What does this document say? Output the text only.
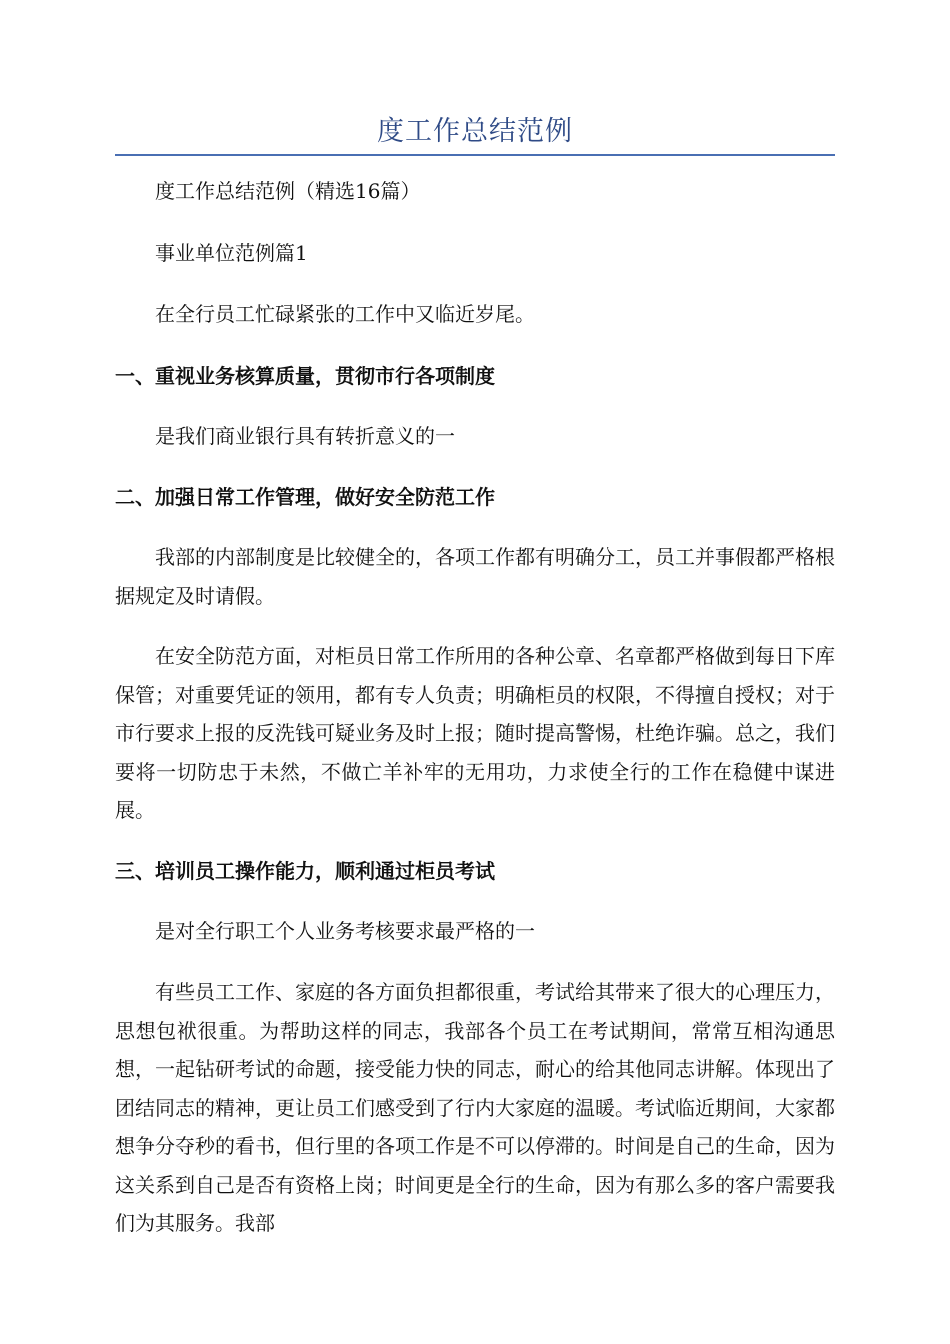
度工作总结范例

度工作总结范例（精选16篇）

事业单位范例篇1

在全行员工忙碌紧张的工作中又临近岁尾。

一、重视业务核算质量，贯彻市行各项制度

是我们商业银行具有转折意义的一

二、加强日常工作管理，做好安全防范工作

我部的内部制度是比较健全的，各项工作都有明确分工，员工并事假都严格根据规定及时请假。

在安全防范方面，对柜员日常工作所用的各种公章、名章都严格做到每日下库保管；对重要凭证的领用，都有专人负责；明确柜员的权限，不得擅自授权；对于市行要求上报的反洗钱可疑业务及时上报；随时提高警惕，杜绝诈骗。总之，我们要将一切防忠于未然，不做亡羊补牢的无用功，力求使全行的工作在稳健中谋进展。

三、培训员工操作能力，顺利通过柜员考试

是对全行职工个人业务考核要求最严格的一

有些员工工作、家庭的各方面负担都很重，考试给其带来了很大的心理压力，思想包袱很重。为帮助这样的同志，我部各个员工在考试期间，常常互相沟通思想，一起钻研考试的命题，接受能力快的同志，耐心的给其他同志讲解。体现出了团结同志的精神，更让员工们感受到了行内大家庭的温暖。考试临近期间，大家都想争分夺秒的看书，但行里的各项工作是不可以停滞的。时间是自己的生命，因为这关系到自己是否有资格上岗；时间更是全行的生命，因为有那么多的客户需要我们为其服务。我部
